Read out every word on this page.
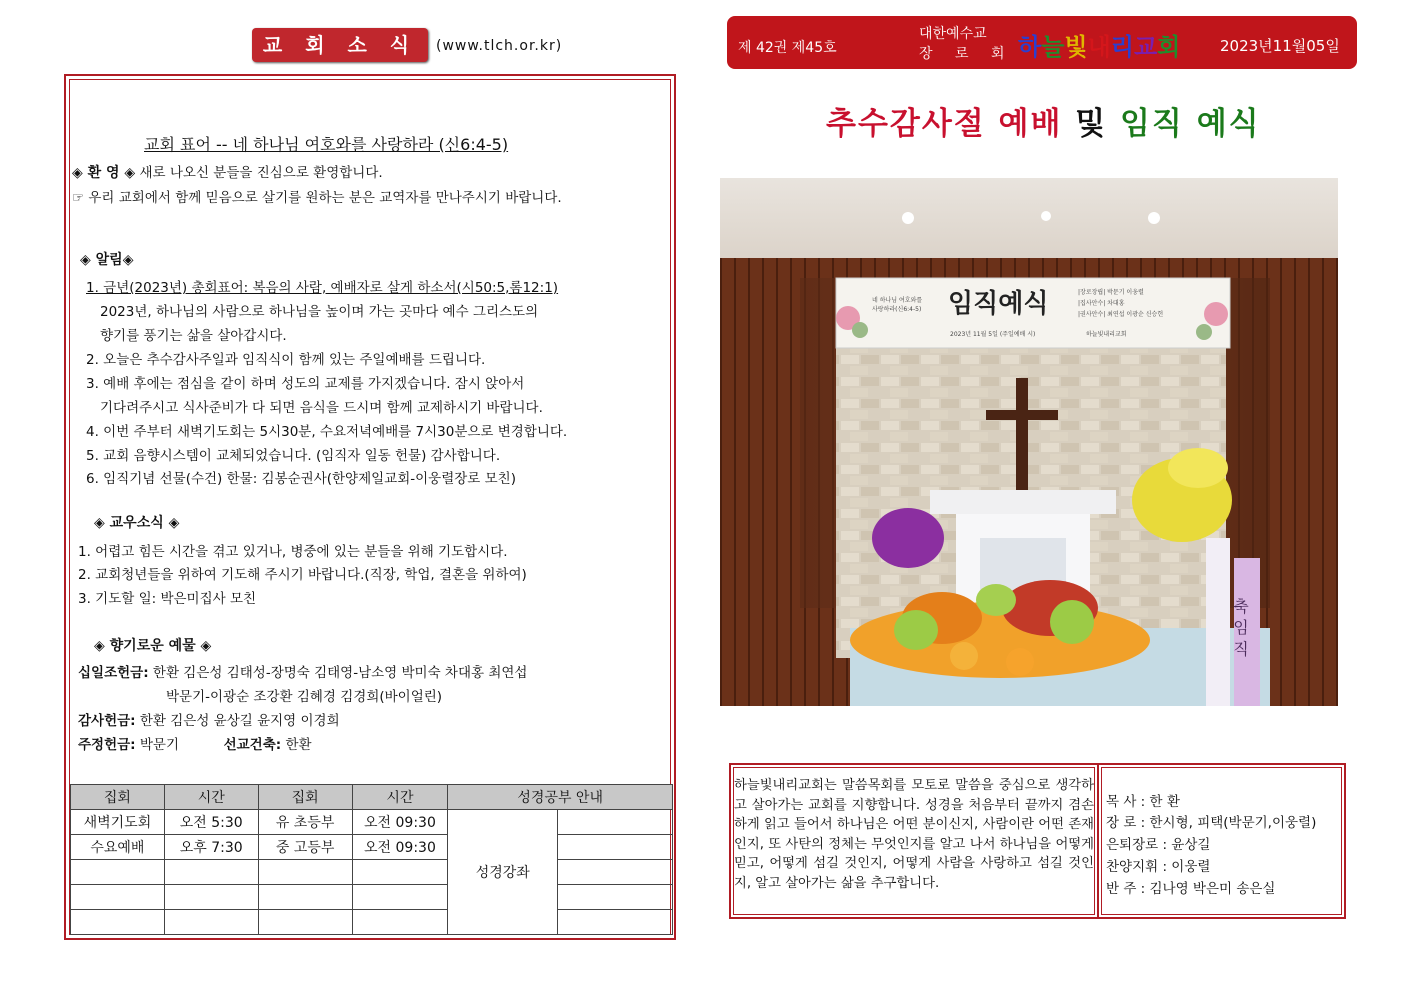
교 회 소 식	(www.tlch.or.kr)
교회 표어 -- 네 하나님 여호와를 사랑하라 (신6:4-5)
◈ 환 영 ◈ 새로 나오신 분들을 진심으로 환영합니다.
☞ 우리 교회에서 함께 믿음으로 살기를 원하는 분은 교역자를 만나주시기 바랍니다.
◈ 알림◈
1. 금년(2023년) 총회표어: 복음의 사람, 예배자로 살게 하소서(시50:5,롬12:1)
2023년, 하나님의 사람으로 하나님을 높이며 가는 곳마다 예수 그리스도의
향기를 풍기는 삶을 살아갑시다.
2. 오늘은 추수감사주일과 임직식이 함께 있는 주일예배를 드립니다.
3. 예배 후에는 점심을 같이 하며 성도의 교제를 가지겠습니다. 잠시 앉아서
기다려주시고 식사준비가 다 되면 음식을 드시며 함께 교제하시기 바랍니다.
4. 이번 주부터 새벽기도회는 5시30분, 수요저녁예배를 7시30분으로 변경합니다.
5. 교회 음향시스템이 교체되었습니다. (임직자 일동 헌물) 감사합니다.
6. 임직기념 선물(수건) 한물: 김봉순권사(한양제일교회-이웅렬장로 모친)
◈ 교우소식 ◈
1. 어렵고 힘든 시간을 겪고 있거나, 병중에 있는 분들을 위해 기도합시다.
2. 교회청년들을 위하여 기도해 주시기 바랍니다.(직장, 학업, 결혼을 위하여)
3. 기도할 일: 박은미집사 모친
◈ 향기로운 예물 ◈
십일조헌금: 한환 김은성 김태성-장명숙 김태영-남소영 박미숙 차대홍 최연섭
박문기-이광순 조강환 김혜경 김경희(바이얼린)
감사헌금: 한환 김은성 윤상길 윤지영 이경희
주정헌금: 박문기	선교건축: 한환
집회	시간	집회	시간	성경공부 안내	
새벽기도회	오전 5:30	유 초등부	오전 09:30	성경강좌	
수요예배	오후 7:30	중 고등부	오전 09:30		

제 42권 제45호
대한예수교
장 로 회 하늘빛내리교회	2023년11월05일
추수감사절 예배 및 임직 예식
네 하나님 여호와를
사랑하라(신6:4-5) 임직예식	|장로장립| 박문기 이웅렬
|집사안수| 차대홍
|권사안수| 최연섭 이광순 신승헌
2023년 11월 5일 (주일예배 시)	하늘빛내리교회
축 임 직
하늘빛내리교회는 말씀목회를 모토로 말씀을 중심으로 생각하고 살아가는 교회를 지향합니다. 성경을 처음부터 끝까지 겸손하게 읽고 들어서 하나님은 어떤 분이신지, 사람이란 어떤 존재인지, 또 사탄의 정체는 무엇인지를 알고 나서 하나님을 어떻게 믿고, 어떻게 섬길 것인지, 어떻게 사람을 사랑하고 섬길 것인지, 알고 살아가는 삶을 추구합니다.
목 사 : 한 환
장 로 : 한시형, 피택(박문기,이웅렬)
은퇴장로 : 윤상길
찬양지휘 : 이웅렬
반 주 : 김나영 박은미 송은실
